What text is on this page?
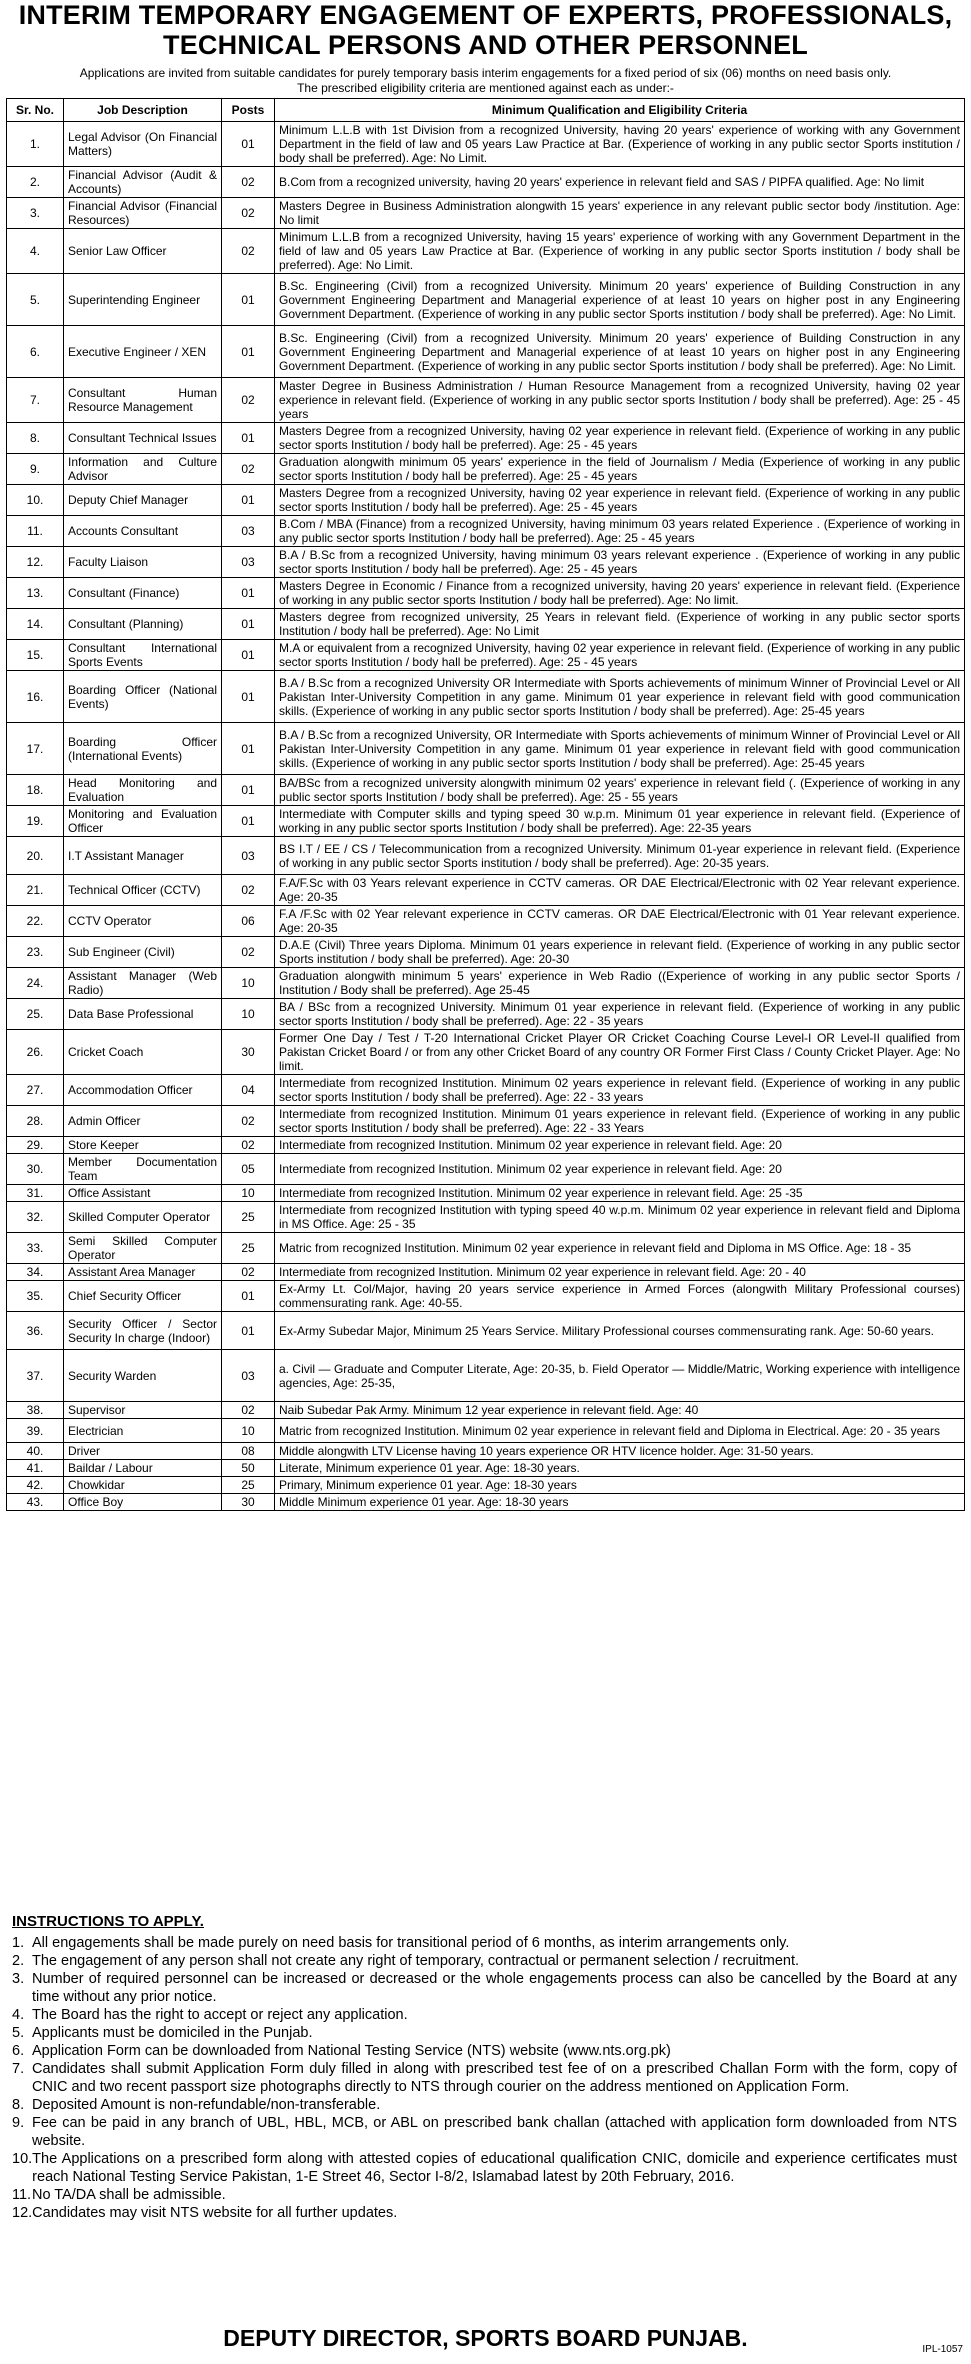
INTERIM TEMPORARY ENGAGEMENT OF EXPERTS, PROFESSIONALS,
TECHNICAL PERSONS AND OTHER PERSONNEL
Applications are invited from suitable candidates for purely temporary basis interim engagements for a fixed period of six (06) months on need basis only.
The prescribed eligibility criteria are mentioned against each as under:-
Sr. No.	Job Description	Posts	Minimum Qualification and Eligibility Criteria
1.	Legal Advisor (On Financial Matters)	01	Minimum L.L.B with 1st Division from a recognized University, having 20 years' experience of working with any Government Department in the field of law and 05 years Law Practice at Bar. (Experience of working in any public sector Sports institution / body shall be preferred). Age: No Limit.
2.	Financial Advisor (Audit & Accounts)	02	B.Com from a recognized university, having 20 years' experience in relevant field and SAS / PIPFA qualified. Age: No limit
3.	Financial Advisor (Financial Resources)	02	Masters Degree in Business Administration alongwith 15 years' experience in any relevant public sector body /institution. Age: No limit
4.	Senior Law Officer	02	Minimum L.L.B from a recognized University, having 15 years' experience of working with any Government Department in the field of law and 05 years Law Practice at Bar. (Experience of working in any public sector Sports institution / body shall be preferred). Age: No Limit.
5.	Superintending Engineer	01	B.Sc. Engineering (Civil) from a recognized University. Minimum 20 years' experience of Building Construction in any Government Engineering Department and Managerial experience of at least 10 years on higher post in any Engineering Government Department. (Experience of working in any public sector Sports institution / body shall be preferred). Age: No Limit.
6.	Executive Engineer / XEN	01	B.Sc. Engineering (Civil) from a recognized University. Minimum 20 years' experience of Building Construction in any Government Engineering Department and Managerial experience of at least 10 years on higher post in any Engineering Government Department. (Experience of working in any public sector Sports institution / body shall be preferred). Age: No Limit.
7.	Consultant Human Resource Management	02	Master Degree in Business Administration / Human Resource Management from a recognized University, having 02 year experience in relevant field. (Experience of working in any public sector sports Institution / body shall be preferred). Age: 25 - 45 years
8.	Consultant Technical Issues	01	Masters Degree from a recognized University, having 02 year experience in relevant field. (Experience of working in any public sector sports Institution / body hall be preferred). Age: 25 - 45 years
9.	Information and Culture Advisor	02	Graduation alongwith minimum 05 years' experience in the field of Journalism / Media (Experience of working in any public sector sports Institution / body hall be preferred). Age: 25 - 45 years
10.	Deputy Chief Manager	01	Masters Degree from a recognized University, having 02 year experience in relevant field. (Experience of working in any public sector sports Institution / body hall be preferred). Age: 25 - 45 years
11.	Accounts Consultant	03	B.Com / MBA (Finance) from a recognized University, having minimum 03 years related Experience . (Experience of working in any public sector sports Institution / body hall be preferred). Age: 25 - 45 years
12.	Faculty Liaison	03	B.A / B.Sc from a recognized University, having minimum 03 years relevant experience . (Experience of working in any public sector sports Institution / body hall be preferred). Age: 25 - 45 years
13.	Consultant (Finance)	01	Masters Degree in Economic / Finance from a recognized university, having 20 years' experience in relevant field. (Experience of working in any public sector sports Institution / body hall be preferred). Age: No limit.
14.	Consultant (Planning)	01	Masters degree from recognized university, 25 Years in relevant field. (Experience of working in any public sector sports Institution / body hall be preferred). Age: No Limit
15.	Consultant International Sports Events	01	M.A or equivalent from a recognized University, having 02 year experience in relevant field. (Experience of working in any public sector sports Institution / body hall be preferred). Age: 25 - 45 years
16.	Boarding Officer (National Events)	01	B.A / B.Sc from a recognized University OR Intermediate with Sports achievements of minimum Winner of Provincial Level or All Pakistan Inter-University Competition in any game. Minimum 01 year experience in relevant field with good communication skills. (Experience of working in any public sector sports Institution / body shall be preferred). Age: 25-45 years
17.	Boarding Officer (International Events)	01	B.A / B.Sc from a recognized University, OR Intermediate with Sports achievements of minimum Winner of Provincial Level or All Pakistan Inter-University Competition in any game. Minimum 01 year experience in relevant field with good communication skills. (Experience of working in any public sector sports Institution / body shall be preferred). Age: 25-45 years
18.	Head Monitoring and Evaluation	01	BA/BSc from a recognized university alongwith minimum 02 years' experience in relevant field (. (Experience of working in any public sector sports Institution / body shall be preferred). Age: 25 - 55 years
19.	Monitoring and Evaluation Officer	01	Intermediate with Computer skills and typing speed 30 w.p.m. Minimum 01 year experience in relevant field. (Experience of working in any public sector sports Institution / body shall be preferred). Age: 22-35 years
20.	I.T Assistant Manager	03	BS I.T / EE / CS / Telecommunication from a recognized University. Minimum 01-year experience in relevant field. (Experience of working in any public sector Sports institution / body shall be preferred). Age: 20-35 years.
21.	Technical Officer (CCTV)	02	F.A/F.Sc with 03 Years relevant experience in CCTV cameras. OR DAE Electrical/Electronic with 02 Year relevant experience. Age: 20-35
22.	CCTV Operator	06	F.A /F.Sc with 02 Year relevant experience in CCTV cameras. OR DAE Electrical/Electronic with 01 Year relevant experience. Age: 20-35
23.	Sub Engineer (Civil)	02	D.A.E (Civil) Three years Diploma. Minimum 01 years experience in relevant field. (Experience of working in any public sector Sports institution / body shall be preferred). Age: 20-30
24.	Assistant Manager (Web Radio)	10	Graduation alongwith minimum 5 years' experience in Web Radio ((Experience of working in any public sector Sports / Institution / Body shall be preferred). Age 25-45
25.	Data Base Professional	10	BA / BSc from a recognized University. Minimum 01 year experience in relevant field. (Experience of working in any public sector sports Institution / body shall be preferred). Age: 22 - 35 years
26.	Cricket Coach	30	Former One Day / Test / T-20 International Cricket Player OR Cricket Coaching Course Level-I OR Level-II qualified from Pakistan Cricket Board / or from any other Cricket Board of any country OR Former First Class / County Cricket Player. Age: No limit.
27.	Accommodation Officer	04	Intermediate from recognized Institution. Minimum 02 years experience in relevant field. (Experience of working in any public sector sports Institution / body shall be preferred). Age: 22 - 33 years
28.	Admin Officer	02	Intermediate from recognized Institution. Minimum 01 years experience in relevant field. (Experience of working in any public sector sports Institution / body shall be preferred). Age: 22 - 33 Years
29.	Store Keeper	02	Intermediate from recognized Institution. Minimum 02 year experience in relevant field. Age: 20
30.	Member Documentation Team	05	Intermediate from recognized Institution. Minimum 02 year experience in relevant field. Age: 20
31.	Office Assistant	10	Intermediate from recognized Institution. Minimum 02 year experience in relevant field. Age: 25 -35
32.	Skilled Computer Operator	25	Intermediate from recognized Institution with typing speed 40 w.p.m. Minimum 02 year experience in relevant field and Diploma in MS Office. Age: 25 - 35
33.	Semi Skilled Computer Operator	25	Matric from recognized Institution. Minimum 02 year experience in relevant field and Diploma in MS Office. Age: 18 - 35
34.	Assistant Area Manager	02	Intermediate from recognized Institution. Minimum 02 year experience in relevant field. Age: 20 - 40
35.	Chief Security Officer	01	Ex-Army Lt. Col/Major, having 20 years service experience in Armed Forces (alongwith Military Professional courses) commensurating rank. Age: 40-55.
36.	Security Officer / Sector Security In charge (Indoor)	01	Ex-Army Subedar Major, Minimum 25 Years Service. Military Professional courses commensurating rank. Age: 50-60 years.
37.	Security Warden	03	a. Civil — Graduate and Computer Literate, Age: 20-35, b. Field Operator — Middle/Matric, Working experience with intelligence agencies, Age: 25-35,
38.	Supervisor	02	Naib Subedar Pak Army. Minimum 12 year experience in relevant field. Age: 40
39.	Electrician	10	Matric from recognized Institution. Minimum 02 year experience in relevant field and Diploma in Electrical. Age: 20 - 35 years
40.	Driver	08	Middle alongwith LTV License having 10 years experience OR HTV licence holder. Age: 31-50 years.
41.	Baildar / Labour	50	Literate, Minimum experience 01 year. Age: 18-30 years.
42.	Chowkidar	25	Primary, Minimum experience 01 year. Age: 18-30 years
43.	Office Boy	30	Middle Minimum experience 01 year. Age: 18-30 years
INSTRUCTIONS TO APPLY.
1. All engagements shall be made purely on need basis for transitional period of 6 months, as interim arrangements only.
2. The engagement of any person shall not create any right of temporary, contractual or permanent selection / recruitment.
3. Number of required personnel can be increased or decreased or the whole engagements process can also be cancelled by the Board at any time without any prior notice.
4. The Board has the right to accept or reject any application.
5. Applicants must be domiciled in the Punjab.
6. Application Form can be downloaded from National Testing Service (NTS) website (www.nts.org.pk)
7. Candidates shall submit Application Form duly filled in along with prescribed test fee of on a prescribed Challan Form with the form, copy of CNIC and two recent passport size photographs directly to NTS through courier on the address mentioned on Application Form.
8. Deposited Amount is non-refundable/non-transferable.
9. Fee can be paid in any branch of UBL, HBL, MCB, or ABL on prescribed bank challan (attached with application form downloaded from NTS website.
10. The Applications on a prescribed form along with attested copies of educational qualification CNIC, domicile and experience certificates must reach National Testing Service Pakistan, 1-E Street 46, Sector I-8/2, Islamabad latest by 20th February, 2016.
11. No TA/DA shall be admissible.
12. Candidates may visit NTS website for all further updates.
DEPUTY DIRECTOR, SPORTS BOARD PUNJAB.	IPL-1057
